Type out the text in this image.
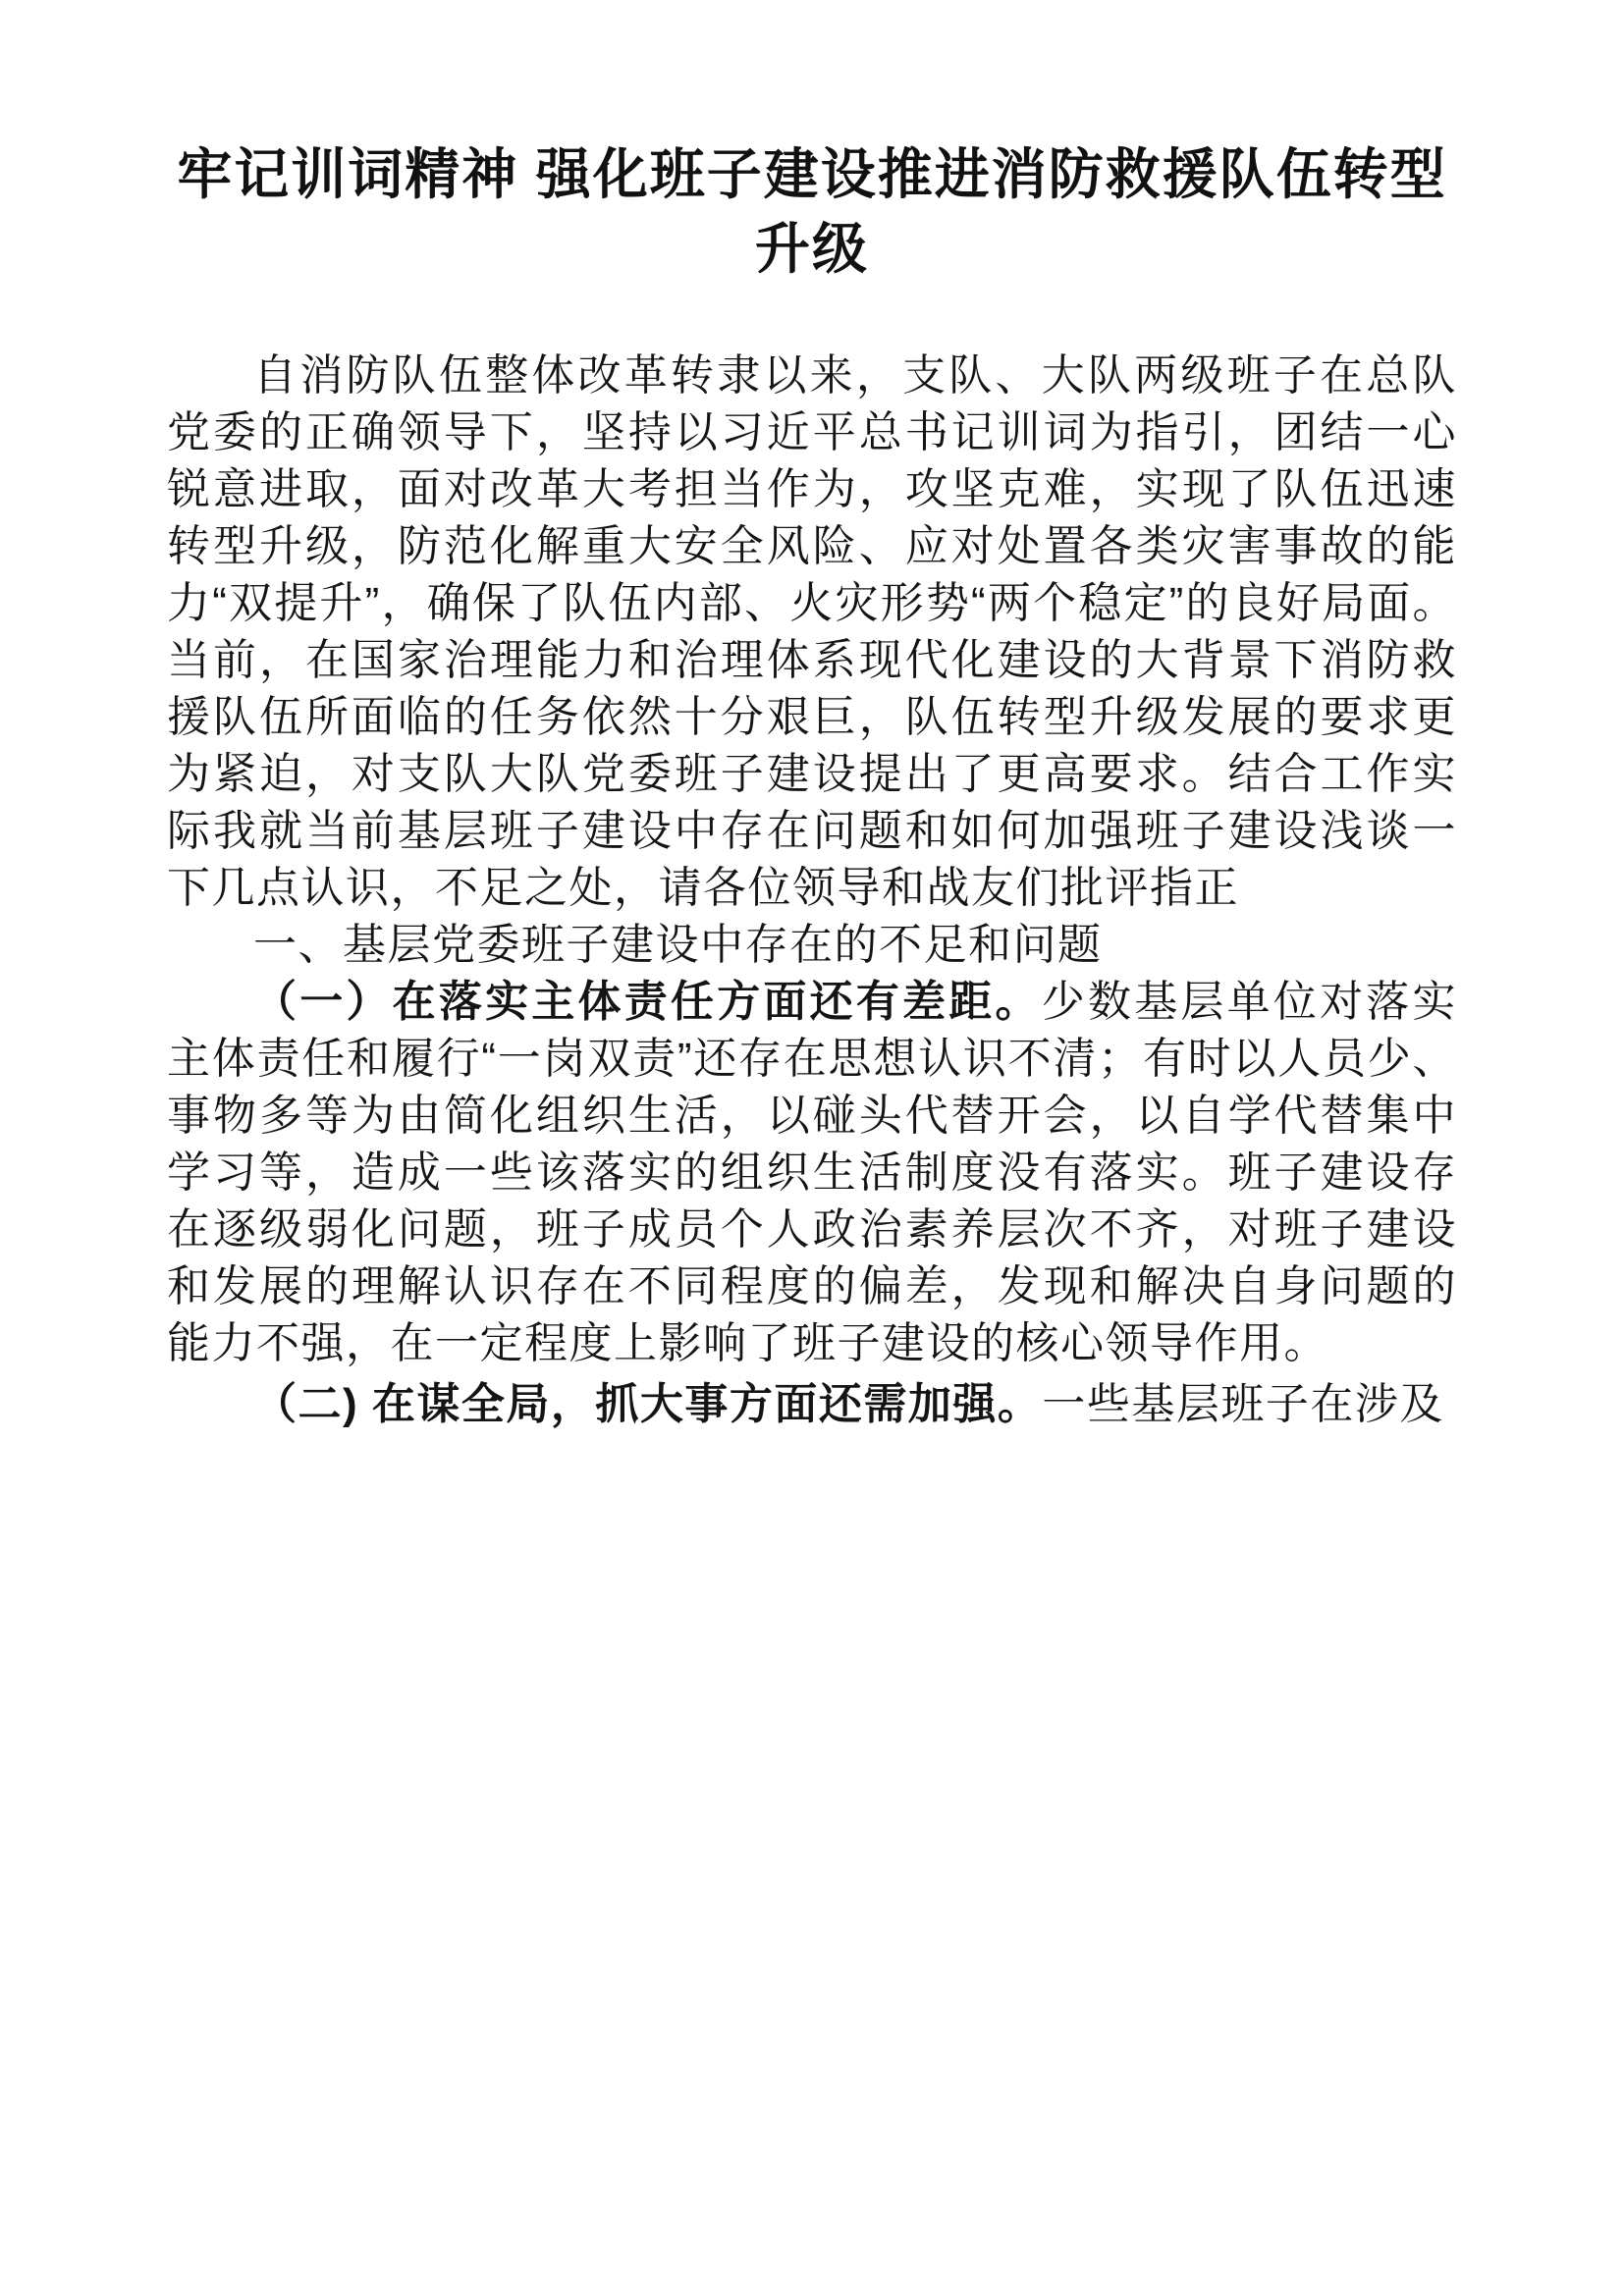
牢记训词精神 强化班子建设推进消防救援队伍转型
升级

自消防队伍整体改革转隶以来，支队、大队两级班子在总队党委的正确领导下，坚持以习近平总书记训词为指引，团结一心锐意进取，面对改革大考担当作为，攻坚克难，实现了队伍迅速转型升级，防范化解重大安全风险、应对处置各类灾害事故的能力“双提升”，确保了队伍内部、火灾形势“两个稳定”的良好局面。当前，在国家治理能力和治理体系现代化建设的大背景下消防救援队伍所面临的任务依然十分艰巨，队伍转型升级发展的要求更为紧迫，对支队大队党委班子建设提出了更高要求。结合工作实际我就当前基层班子建设中存在问题和如何加强班子建设浅谈一下几点认识，不足之处，请各位领导和战友们批评指正

一、基层党委班子建设中存在的不足和问题

（一）在落实主体责任方面还有差距。少数基层单位对落实主体责任和履行“一岗双责”还存在思想认识不清；有时以人员少、事物多等为由简化组织生活，以碰头代替开会，以自学代替集中学习等，造成一些该落实的组织生活制度没有落实。班子建设存在逐级弱化问题，班子成员个人政治素养层次不齐，对班子建设和发展的理解认识存在不同程度的偏差，发现和解决自身问题的能力不强，在一定程度上影响了班子建设的核心领导作用。

（二) 在谋全局，抓大事方面还需加强。一些基层班子在涉及
